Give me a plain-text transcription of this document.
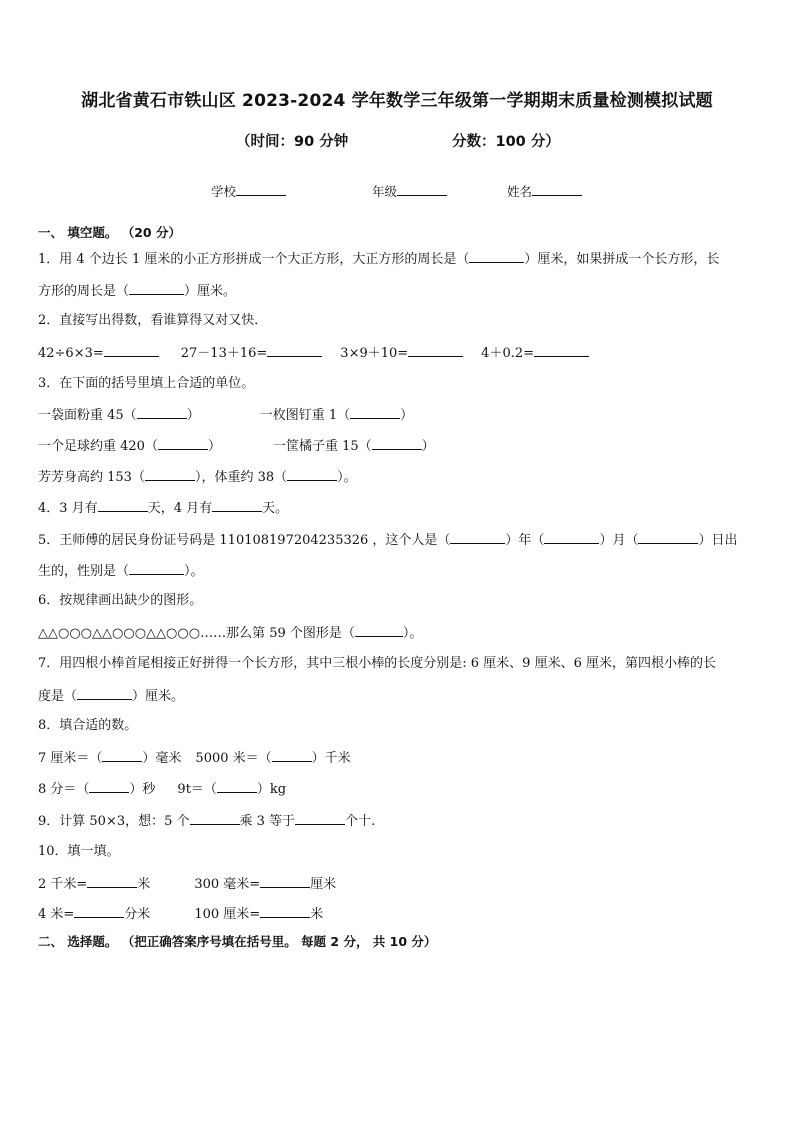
湖北省黄石市铁山区 2023-2024 学年数学三年级第一学期期末质量检测模拟试题
（时间：90 分钟	分数：100 分）
学校	年级	姓名
一、 填空题。 （20 分）
1．用 4 个边长 1 厘米的小正方形拼成一个大正方形，大正方形的周长是（	）厘米，如果拼成一个长方形，长
方形的周长是（	）厘米。
2．直接写出得数，看谁算得又对又快．
42÷6×3=	27－13＋16=	3×9＋10=	4＋0.2=
3．在下面的括号里填上合适的单位。
一袋面粉重 45（	）	一枚图钉重 1（	）
一个足球约重 420（	）	一筐橘子重 15（	）
芳芳身高约 153（	），体重约 38（	）。
4．3 月有	天，4 月有	天。
5．王师傅的居民身份证号码是 110108197204235326 ，这个人是（	）年（	）月（	）日出
生的，性别是（	）。
6．按规律画出缺少的图形。
△△○○○△△○○○△△○○○……那么第 59 个图形是（	）。
7．用四根小棒首尾相接正好拼得一个长方形，其中三根小棒的长度分别是: 6 厘米、9 厘米、6 厘米，第四根小棒的长
度是（	）厘米。
8．填合适的数。
7 厘米＝（	）毫米 5000 米＝（	）千米
8 分＝（	）秒 9t＝（	）kg
9．计算 50×3，想：5 个	乘 3 等于	个十.
10．填一填。
2 千米=	米	300 毫米=	厘米
4 米=	分米	100 厘米=	米
二、 选择题。 （把正确答案序号填在括号里。 每题 2 分， 共 10 分）
